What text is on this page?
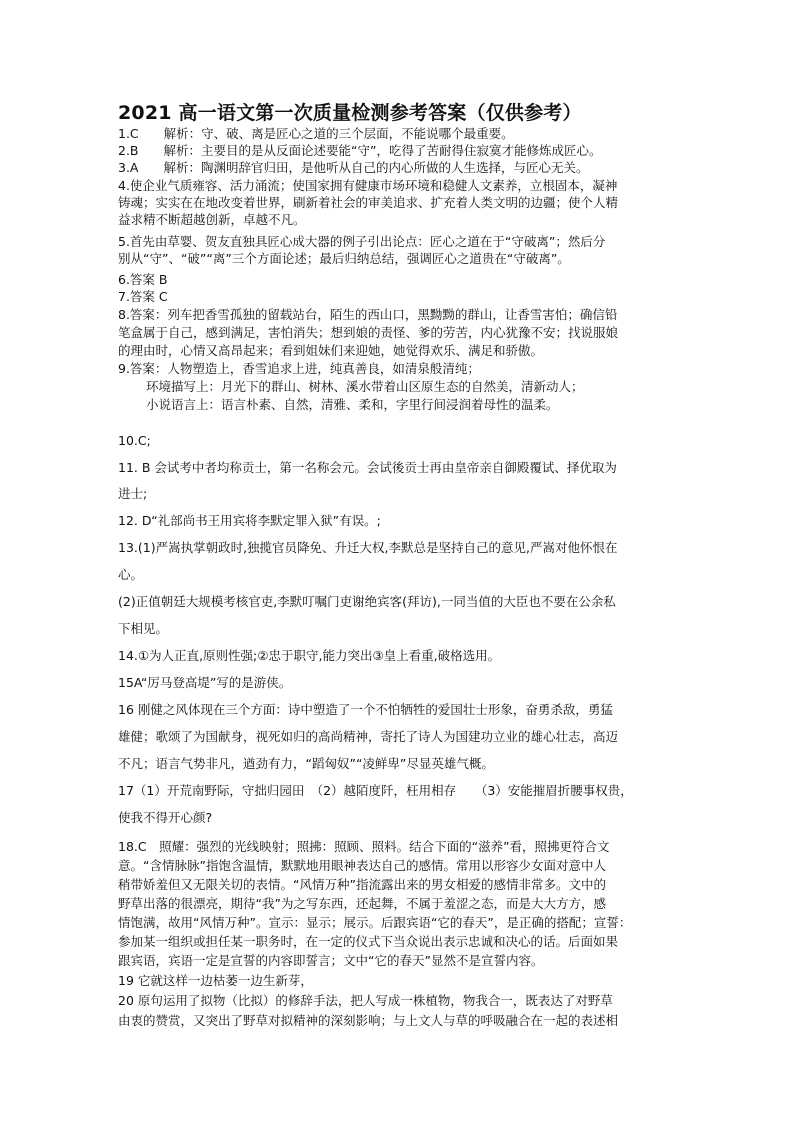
2021 高一语文第一次质量检测参考答案（仅供参考）
1.C　　解析：守、破、离是匠心之道的三个层面，不能说哪个最重要。
2.B　　解析：主要目的是从反面论述要能“守”，吃得了苦耐得住寂寞才能修炼成匠心。
3.A　　解析：陶渊明辞官归田，是他听从自己的内心所做的人生选择，与匠心无关。
4.使企业气质雍容、活力涌流；使国家拥有健康市场环境和稳健人文素养，立根固本，凝神
铸魂；实实在在地改变着世界，刷新着社会的审美追求、扩充着人类文明的边疆；使个人精
益求精不断超越创新，卓越不凡。
5.首先由草婴、贺友直独具匠心成大器的例子引出论点：匠心之道在于“守破离”；然后分
别从“守”、“破”“离”三个方面论述；最后归纳总结，强调匠心之道贵在“守破离”。
6.答案 B
7.答案 C
8.答案：列车把香雪孤独的留载站台，陌生的西山口，黑黝黝的群山，让香雪害怕；确信铅
笔盒属于自己，感到满足，害怕消失；想到娘的责怪、爹的劳苦，内心犹豫不安；找说服娘
的理由时，心情又高昂起来；看到姐妹们来迎她，她觉得欢乐、满足和骄傲。
9.答案：人物塑造上，香雪追求上进，纯真善良，如清泉般清纯；
环境描写上：月光下的群山、树林、溪水带着山区原生态的自然美，清新动人；
小说语言上：语言朴素、自然，清雅、柔和，字里行间浸润着母性的温柔。
10.C;
11. B 会试考中者均称贡士，第一名称会元。会试後贡士再由皇帝亲自御殿覆试、择优取为
进士;
12. D“礼部尚书王用宾将李默定罪入狱”有误。;
13.(1)严嵩执掌朝政时,独揽官员降免、升迁大权,李默总是坚持自己的意见,严嵩对他怀恨在
心。
(2)正值朝廷大规模考核官吏,李默叮嘱门吏谢绝宾客(拜访),一同当值的大臣也不要在公余私
下相见。
14.①为人正直,原则性强;②忠于职守,能力突出③皇上看重,破格选用。
15A“厉马登高堤”写的是游侠。
16 刚健之风体现在三个方面：诗中塑造了一个不怕牺牲的爱国壮士形象，奋勇杀敌，勇猛
雄健；歌颂了为国献身，视死如归的高尚精神，寄托了诗人为国建功立业的雄心壮志，高迈
不凡；语言气势非凡，遒劲有力，“蹈匈奴”“凌鲜卑”尽显英雄气概。
17（1）开荒南野际，守拙归园田　（2）越陌度阡，枉用相存　　（3）安能摧眉折腰事权贵，
使我不得开心颜?
18.C　照耀：强烈的光线映射；照拂：照顾、照料。结合下面的“滋养”看，照拂更符合文
意。“含情脉脉”指饱含温情，默默地用眼神表达自己的感情。常用以形容少女面对意中人
稍带娇羞但又无限关切的表情。“风情万种”指流露出来的男女相爱的感情非常多。文中的
野草出落的很漂亮，期待“我”为之写东西，还起舞，不属于羞涩之态，而是大大方方，感
情饱满，故用“风情万种”。宣示：显示；展示。后跟宾语“它的春天”，是正确的搭配；宣誓：
参加某一组织或担任某一职务时，在一定的仪式下当众说出表示忠诚和决心的话。后面如果
跟宾语，宾语一定是宣誓的内容即誓言；文中“它的春天”显然不是宣誓内容。
19 它就这样一边枯萎一边生新芽，
20 原句运用了拟物（比拟）的修辞手法，把人写成一株植物，物我合一，既表达了对野草
由衷的赞赏，又突出了野草对拟精神的深刻影响；与上文人与草的呼吸融合在一起的表述相
